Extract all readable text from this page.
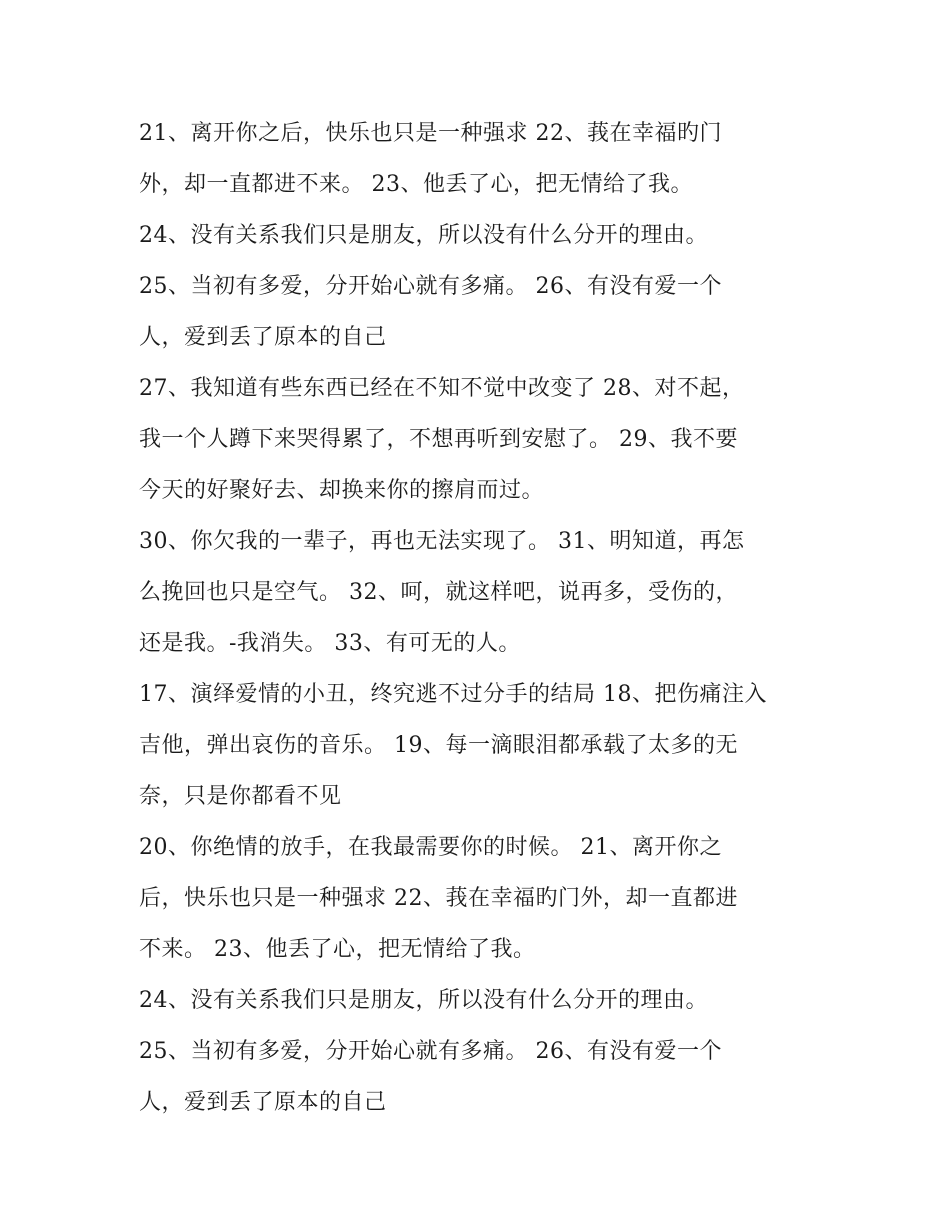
21、离开你之后，快乐也只是一种强求 22、莪在幸福旳门
外，却一直都进不来。 23、他丢了心，把无情给了我。
24、没有关系我们只是朋友，所以没有什么分开的理由。
25、当初有多爱，分开始心就有多痛。 26、有没有爱一个
人，爱到丢了原本的自己
27、我知道有些东西已经在不知不觉中改变了 28、对不起，
我一个人蹲下来哭得累了，不想再听到安慰了。 29、我不要
今天的好聚好去、却换来你的擦肩而过。
30、你欠我的一辈子，再也无法实现了。 31、明知道，再怎
么挽回也只是空气。 32、呵，就这样吧，说再多，受伤的，
还是我。-我消失。 33、有可无的人。
17、演绎爱情的小丑，终究逃不过分手的结局 18、把伤痛注入
吉他，弹出哀伤的音乐。 19、每一滴眼泪都承载了太多的无
奈，只是你都看不见
20、你绝情的放手，在我最需要你的时候。 21、离开你之
后，快乐也只是一种强求 22、莪在幸福旳门外，却一直都进
不来。 23、他丢了心，把无情给了我。
24、没有关系我们只是朋友，所以没有什么分开的理由。
25、当初有多爱，分开始心就有多痛。 26、有没有爱一个
人，爱到丢了原本的自己
